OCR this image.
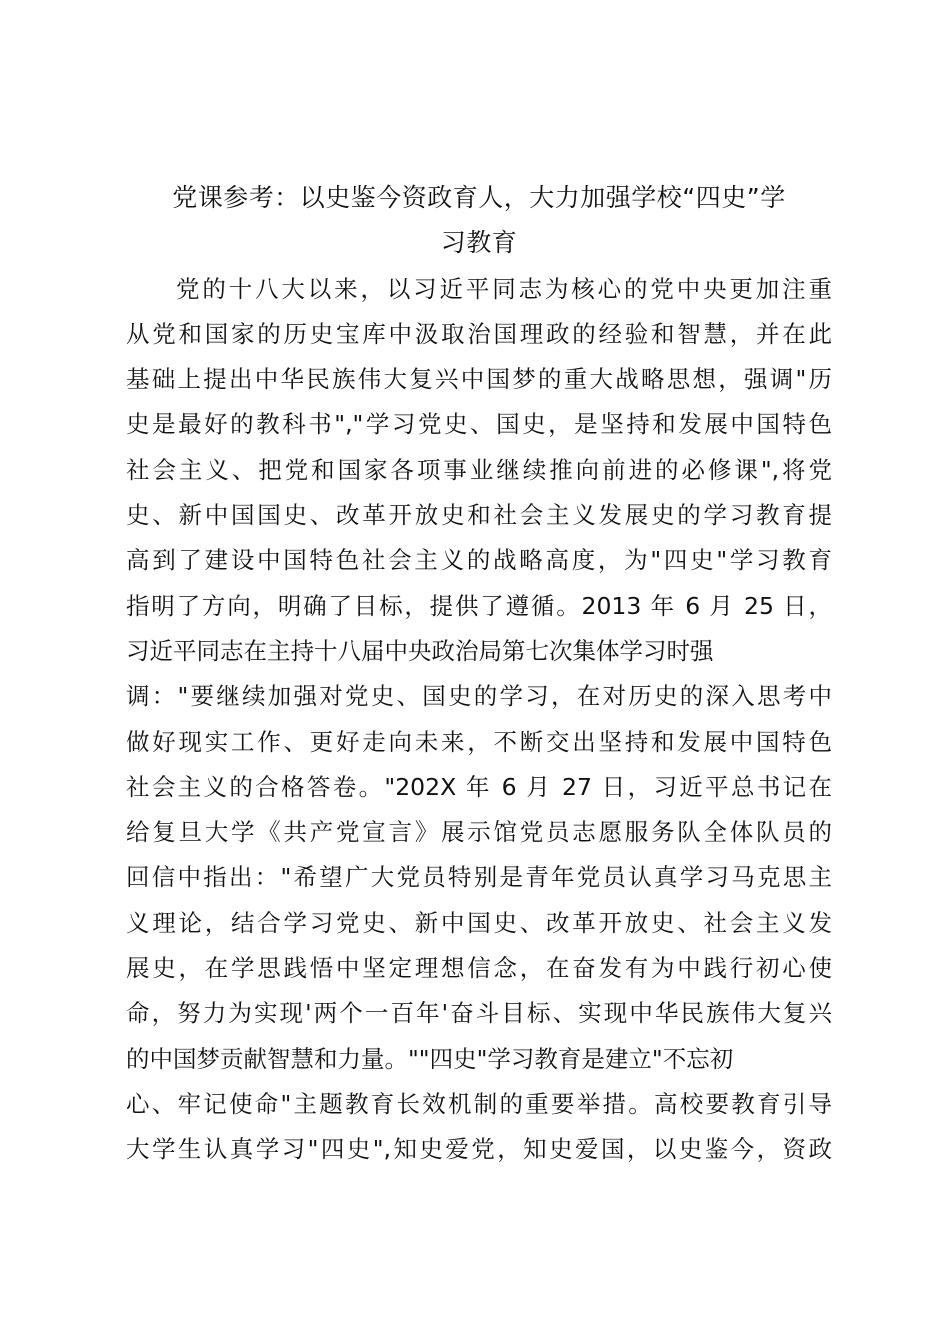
党课参考：以史鉴今资政育人，大力加强学校“四史”学
习教育
党的十八大以来，以习近平同志为核心的党中央更加注重
从党和国家的历史宝库中汲取治国理政的经验和智慧，并在此
基础上提出中华民族伟大复兴中国梦的重大战略思想，强调"历
史是最好的教科书","学习党史、国史，是坚持和发展中国特色
社会主义、把党和国家各项事业继续推向前进的必修课",将党
史、新中国国史、改革开放史和社会主义发展史的学习教育提
高到了建设中国特色社会主义的战略高度，为"四史"学习教育
指明了方向，明确了目标，提供了遵循。2013 年 6 月 25 日，
习近平同志在主持十八届中央政治局第七次集体学习时强
调："要继续加强对党史、国史的学习，在对历史的深入思考中
做好现实工作、更好走向未来，不断交出坚持和发展中国特色
社会主义的合格答卷。"202X 年 6 月 27 日，习近平总书记在
给复旦大学《共产党宣言》展示馆党员志愿服务队全体队员的
回信中指出："希望广大党员特别是青年党员认真学习马克思主
义理论，结合学习党史、新中国史、改革开放史、社会主义发
展史，在学思践悟中坚定理想信念，在奋发有为中践行初心使
命，努力为实现'两个一百年'奋斗目标、实现中华民族伟大复兴
的中国梦贡献智慧和力量。""四史"学习教育是建立"不忘初
心、牢记使命"主题教育长效机制的重要举措。高校要教育引导
大学生认真学习"四史",知史爱党，知史爱国，以史鉴今，资政
